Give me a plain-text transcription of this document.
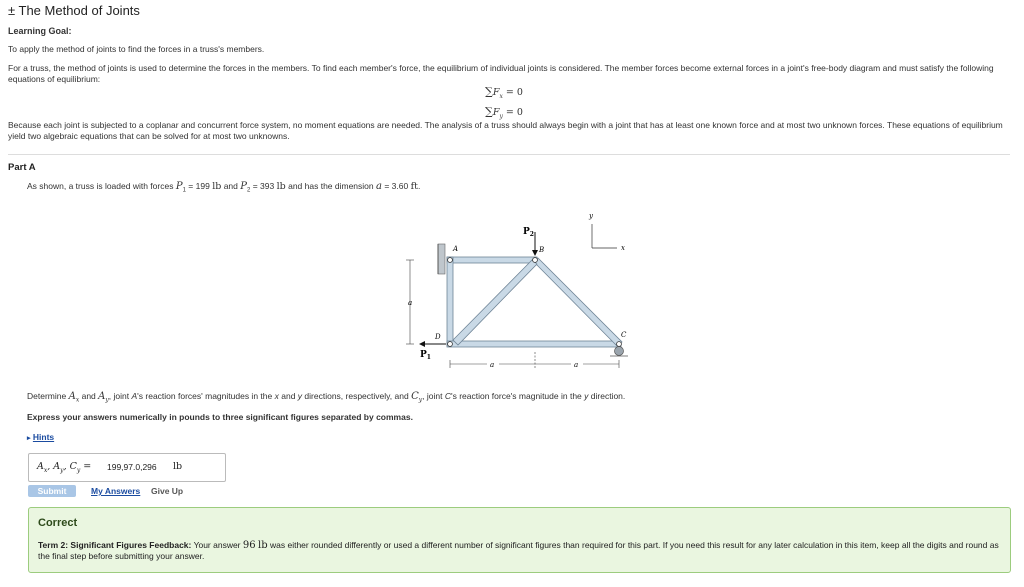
± The Method of Joints
Learning Goal:
To apply the method of joints to find the forces in a truss's members.
For a truss, the method of joints is used to determine the forces in the members. To find each member's force, the equilibrium of individual joints is considered. The member forces become external forces in a joint's free-body diagram and must satisfy the following equations of equilibrium:
$\sum F_x = 0$
$\sum F_y = 0$
Because each joint is subjected to a coplanar and concurrent force system, no moment equations are needed. The analysis of a truss should always begin with a joint that has at least one known force and at most two unknown forces. These equations of equilibrium yield two algebraic equations that can be solved for at most two unknowns.
Part A
As shown, a truss is loaded with forces $P_1 = 199$ lb and $P_2 = 393$ lb and has the dimension a = 3.60 ft.
$P_2$
$P_1$
A	B
D	C
a
a	a
y
x
Determine $A_x$ and $A_y$, joint A's reaction forces' magnitudes in the x and y directions, respectively, and $C_y$, joint C's reaction force's magnitude in the y direction.
Express your answers numerically in pounds to three significant figures separated by commas.
▸ Hints
$A_x$, $A_y$, $C_y = 199,97.0,296$ lb
Submit	My Answers Give Up
Correct
Term 2: Significant Figures Feedback: Your answer 96 lb was either rounded differently or used a different number of significant figures than required for this part. If you need this result for any later calculation in this item, keep all the digits and round as the final step before submitting your answer.
